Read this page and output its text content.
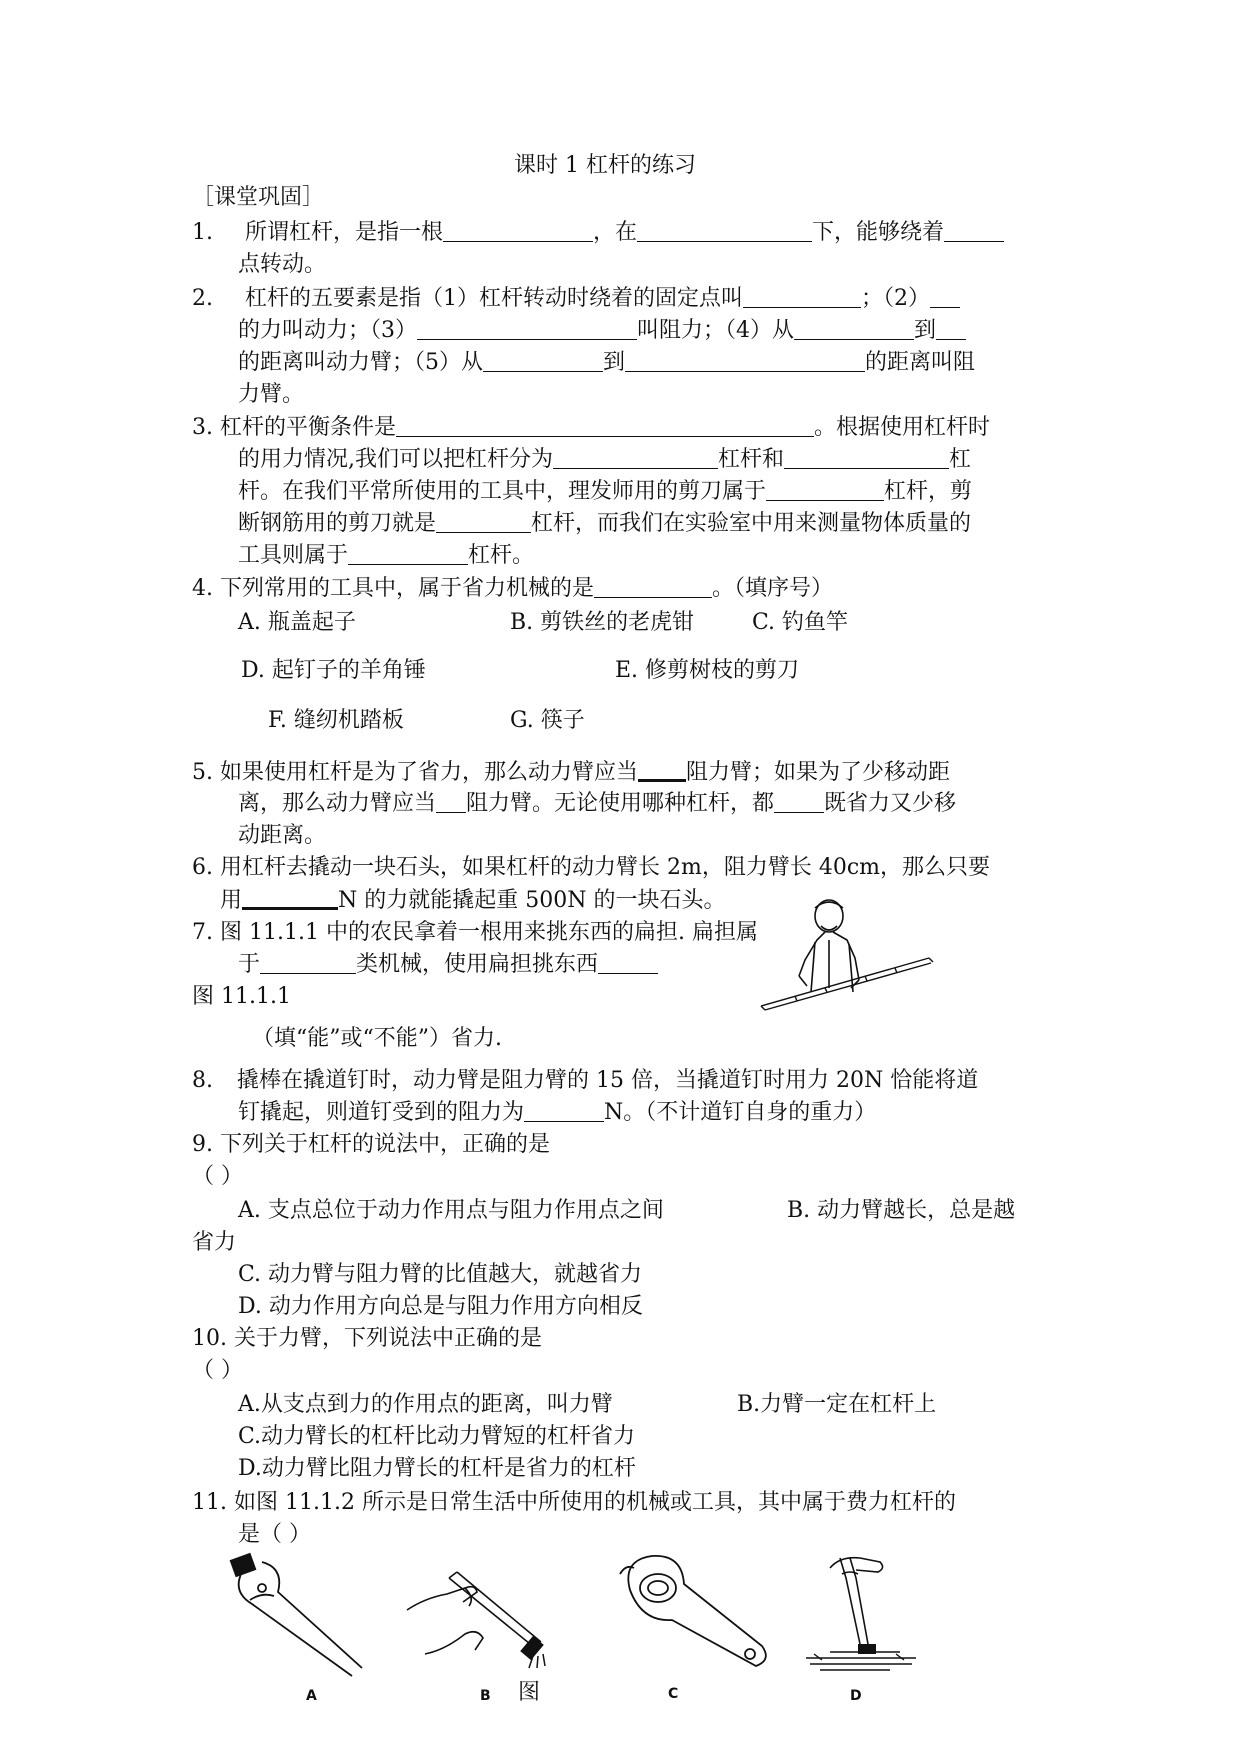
课时 1 杠杆的练习
［课堂巩固］
1. 所谓杠杆，是指一根	，在	下，能够绕着
点转动。
2. 杠杆的五要素是指（1）杠杆转动时绕着的固定点叫	；（2）
的力叫动力；（3）	叫阻力；（4）从	到
的距离叫动力臂；（5）从	到	的距离叫阻
力臂。
3. 杠杆的平衡条件是	。根据使用杠杆时
的用力情况,我们可以把杠杆分为	杠杆和	杠
杆。在我们平常所使用的工具中，理发师用的剪刀属于	杠杆，剪
断钢筋用的剪刀就是	杠杆，而我们在实验室中用来测量物体质量的
工具则属于	杠杆。
4. 下列常用的工具中，属于省力机械的是	。（填序号）
A. 瓶盖起子	B. 剪铁丝的老虎钳	C. 钓鱼竿
D. 起钉子的羊角锤	E. 修剪树枝的剪刀
F. 缝纫机踏板	G. 筷子
5. 如果使用杠杆是为了省力，那么动力臂应当 阻力臂；如果为了少移动距
离，那么动力臂应当 阻力臂。无论使用哪种杠杆，都 既省力又少移
动距离。
6. 用杠杆去撬动一块石头，如果杠杆的动力臂长 2m，阻力臂长 40cm，那么只要
用	N 的力就能撬起重 500N 的一块石头。
7. 图 11.1.1 中的农民拿着一根用来挑东西的扁担. 扁担属
于	类机械，使用扁担挑东西
图 11.1.1
（填“能”或“不能”）省力.
8. 撬棒在撬道钉时，动力臂是阻力臂的 15 倍，当撬道钉时用力 20N 恰能将道
钉撬起，则道钉受到的阻力为	N。（不计道钉自身的重力）
9. 下列关于杠杆的说法中，正确的是
（ ）
A. 支点总位于动力作用点与阻力作用点之间	B. 动力臂越长，总是越
省力
C. 动力臂与阻力臂的比值越大，就越省力
D. 动力作用方向总是与阻力作用方向相反
10. 关于力臂，下列说法中正确的是
（ ）
A.从支点到力的作用点的距离，叫力臂	B.力臂一定在杠杆上
C.动力臂长的杠杆比动力臂短的杠杆省力
D.动力臂比阻力臂长的杠杆是省力的杠杆
11. 如图 11.1.2 所示是日常生活中所使用的机械或工具，其中属于费力杠杆的
是（ ）
A	B 图	C	D
